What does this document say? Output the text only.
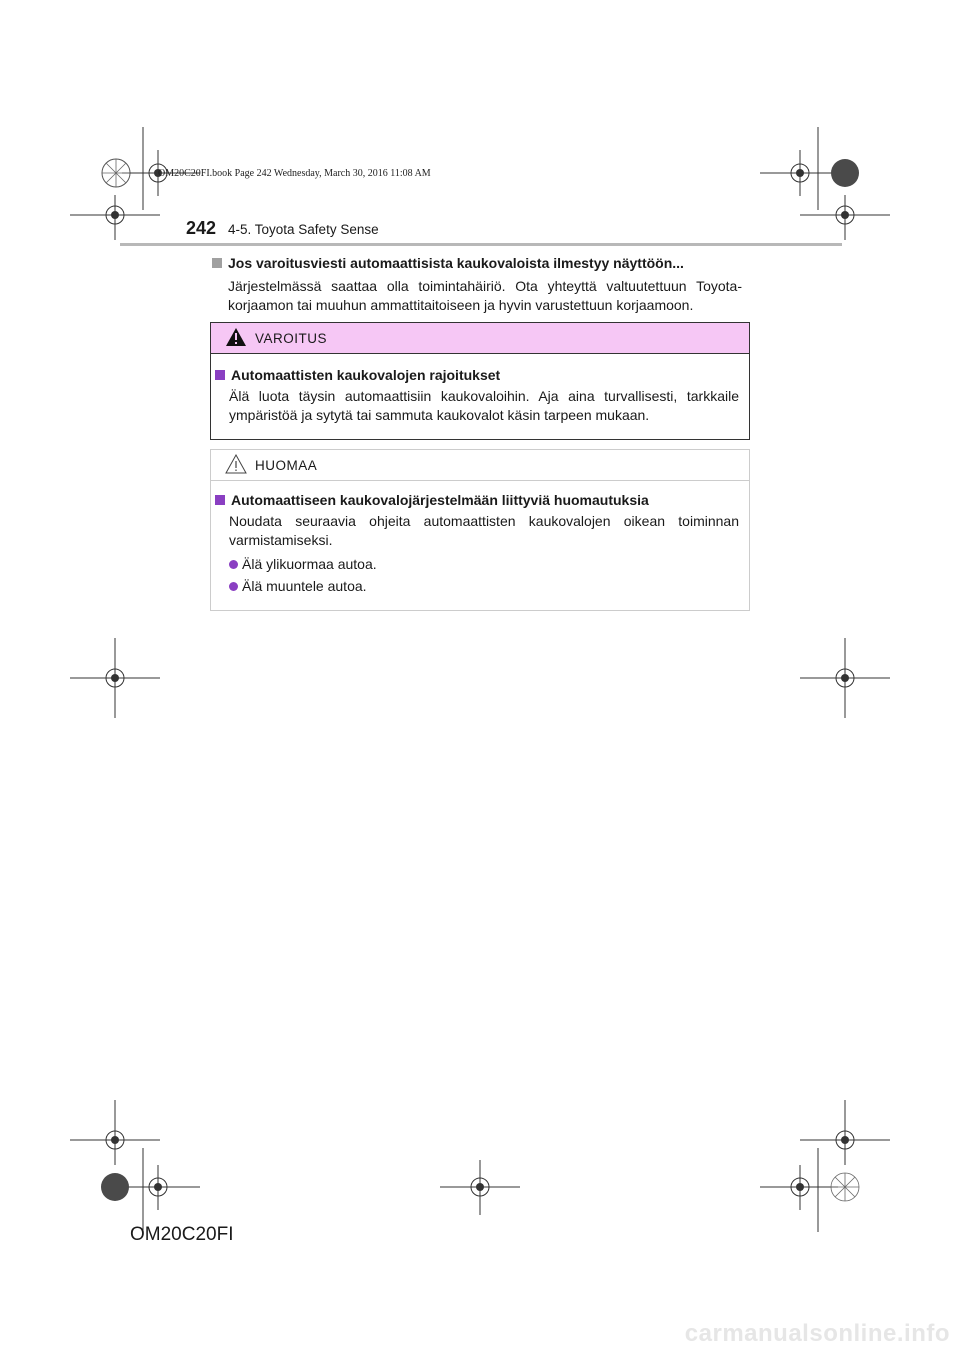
OM20C20FI.book Page 242 Wednesday, March 30, 2016 11:08 AM
242 4-5. Toyota Safety Sense
Jos varoitusviesti automaattisista kaukovaloista ilmestyy näyttöön...
Järjestelmässä saattaa olla toimintahäiriö. Ota yhteyttä valtuutettuun Toyota-korjaamon tai muuhun ammattitaitoiseen ja hyvin varustettuun korjaamoon.
VAROITUS
Automaattisten kaukovalojen rajoitukset
Älä luota täysin automaattisiin kaukovaloihin. Aja aina turvallisesti, tarkkaile ympäristöä ja sytytä tai sammuta kaukovalot käsin tarpeen mukaan.
HUOMAA
Automaattiseen kaukovalojärjestelmään liittyviä huomautuksia
Noudata seuraavia ohjeita automaattisten kaukovalojen oikean toiminnan varmistamiseksi.
Älä ylikuormaa autoa.
Älä muuntele autoa.
OM20C20FI
carmanualsonline.info
